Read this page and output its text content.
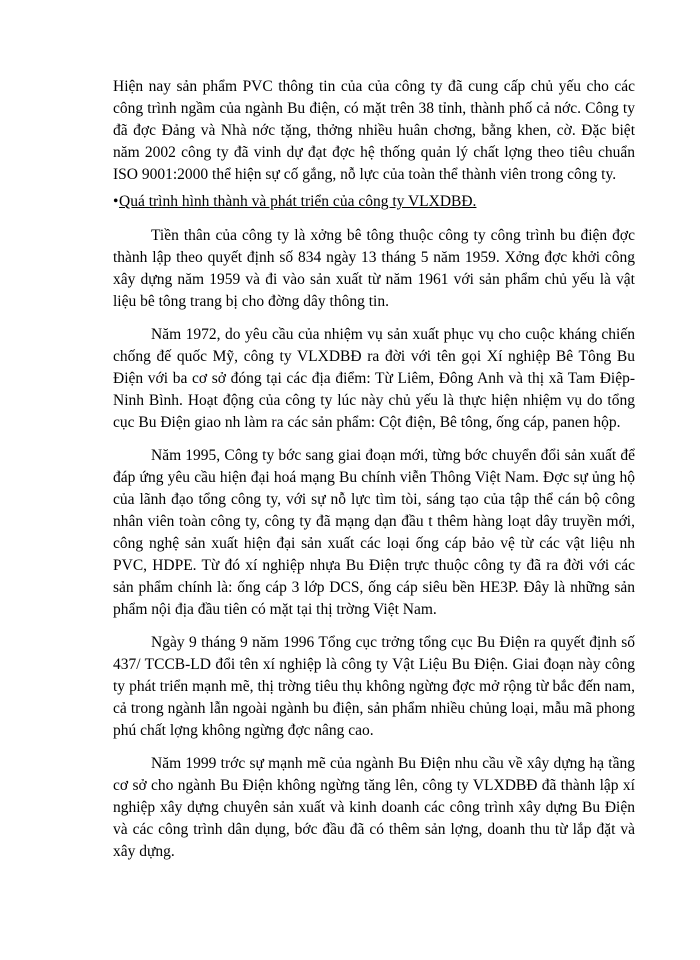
Hiện nay sản phẩm PVC thông tin của của công ty đã cung cấp chủ yếu cho các công trình ngầm của ngành Bu điện, có mặt trên 38 tỉnh, thành phố cả nớc. Công ty đã đợc Đảng và Nhà nớc tặng, thởng nhiều huân chơng, bằng khen, cờ. Đặc biệt năm 2002 công ty đã vinh dự đạt đợc hệ thống quản lý chất lợng theo tiêu chuẩn ISO 9001:2000 thể hiện sự cố gắng, nỗ lực của toàn thể thành viên trong công ty.

•Quá trình hình thành và phát triển của công ty VLXDBĐ.

Tiền thân của công ty là xởng bê tông thuộc công ty công trình bu điện đợc thành lập theo quyết định số 834 ngày 13 tháng 5 năm 1959. Xởng đợc khởi công xây dựng năm 1959 và đi vào sản xuất từ năm 1961 với sản phẩm chủ yếu là vật liệu bê tông trang bị cho đờng dây thông tin.

Năm 1972, do yêu cầu của nhiệm vụ sản xuất phục vụ cho cuộc kháng chiến chống đế quốc Mỹ, công ty VLXDBĐ ra đời với tên gọi Xí nghiệp Bê Tông Bu Điện với ba cơ sở đóng tại các địa điểm: Từ Liêm, Đông Anh và thị xã Tam Điệp- Ninh Bình. Hoạt động của công ty lúc này chủ yếu là thực hiện nhiệm vụ do tổng cục Bu Điện giao nh làm ra các sản phẩm: Cột điện, Bê tông, ống cáp, panen hộp.

Năm 1995, Công ty bớc sang giai đoạn mới, từng bớc chuyển đổi sản xuất để đáp ứng yêu cầu hiện đại hoá mạng Bu chính viễn Thông Việt Nam. Đợc sự ủng hộ của lãnh đạo tổng công ty, với sự nỗ lực tìm tòi, sáng tạo của tập thể cán bộ công nhân viên toàn công ty, công ty đã mạng dạn đầu t thêm hàng loạt dây truyền mới, công nghệ sản xuất hiện đại sản xuất các loại ống cáp bảo vệ từ các vật liệu nh PVC, HDPE. Từ đó xí nghiệp nhựa Bu Điện trực thuộc công ty đã ra đời với các sản phẩm chính là: ống cáp 3 lớp DCS, ống cáp siêu bền HE3P. Đây là những sản phẩm nội địa đầu tiên có mặt tại thị trờng Việt Nam.

Ngày 9 tháng 9 năm 1996 Tổng cục trởng tổng cục Bu Điện ra quyết định số 437/ TCCB-LD đổi tên xí nghiệp là công ty Vật Liệu Bu Điện. Giai đoạn này công ty phát triển mạnh mẽ, thị trờng tiêu thụ không ngừng đợc mở rộng từ bắc đến nam, cả trong ngành lẫn ngoài ngành bu điện, sản phẩm nhiều chủng loại, mẫu mã phong phú chất lợng không ngừng đợc nâng cao.

Năm 1999 trớc sự mạnh mẽ của ngành Bu Điện nhu cầu về xây dựng hạ tầng cơ sở cho ngành Bu Điện không ngừng tăng lên, công ty VLXDBĐ đã thành lập xí nghiệp xây dựng chuyên sản xuất và kinh doanh các công trình xây dựng Bu Điện và các công trình dân dụng, bớc đầu đã có thêm sản lợng, doanh thu từ lắp đặt và xây dựng.
